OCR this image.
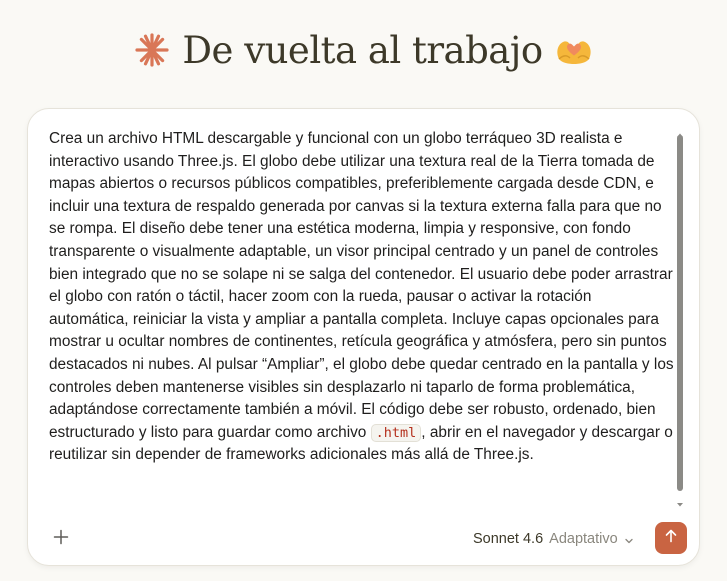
De vuelta al trabajo

Crea un archivo HTML descargable y funcional con un globo terráqueo 3D realista e interactivo usando Three.js. El globo debe utilizar una textura real de la Tierra tomada de mapas abiertos o recursos públicos compatibles, preferiblemente cargada desde CDN, e incluir una textura de respaldo generada por canvas si la textura externa falla para que no se rompa. El diseño debe tener una estética moderna, limpia y responsive, con fondo transparente o visualmente adaptable, un visor principal centrado y un panel de controles bien integrado que no se solape ni se salga del contenedor. El usuario debe poder arrastrar el globo con ratón o táctil, hacer zoom con la rueda, pausar o activar la rotación automática, reiniciar la vista y ampliar a pantalla completa. Incluye capas opcionales para mostrar u ocultar nombres de continentes, retícula geográfica y atmósfera, pero sin puntos destacados ni nubes. Al pulsar “Ampliar”, el globo debe quedar centrado en la pantalla y los controles deben mantenerse visibles sin desplazarlo ni taparlo de forma problemática, adaptándose correctamente también a móvil. El código debe ser robusto, ordenado, bien estructurado y listo para guardar como archivo .html , abrir en el navegador y descargar o reutilizar sin depender de frameworks adicionales más allá de Three.js.

Sonnet 4.6 Adaptativo
